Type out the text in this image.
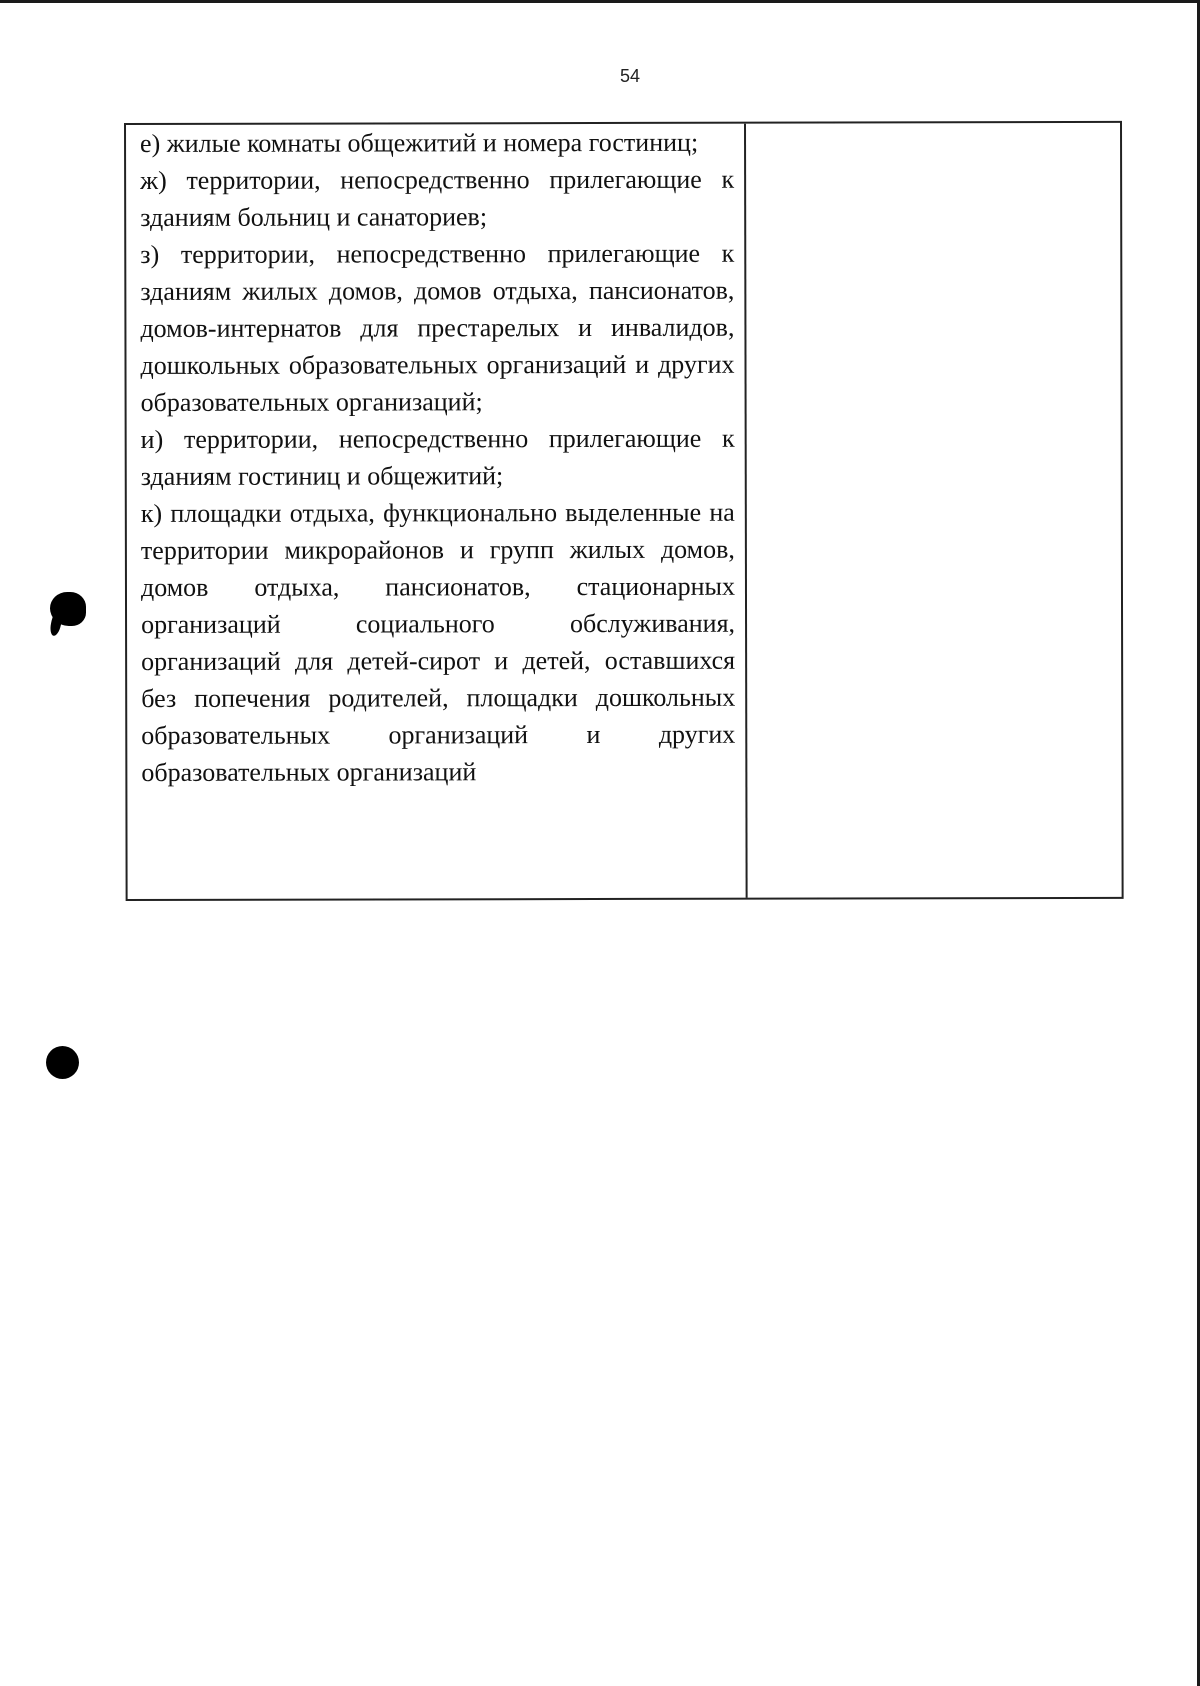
54

е) жилые комнаты общежитий и номера гостиниц;

ж) территории, непосредственно прилегающие к зданиям больниц и санаториев;

з) территории, непосредственно прилегающие к зданиям жилых домов, домов отдыха, пансионатов, домов-интернатов для престарелых и инвалидов, дошкольных образовательных организаций и других образовательных организаций;

и) территории, непосредственно прилегающие к зданиям гостиниц и общежитий;

к) площадки отдыха, функционально выделенные на территории микрорайонов и групп жилых домов, домов отдыха, пансионатов, стационарных организаций социального обслуживания, организаций для детей-сирот и детей, оставшихся без попечения родителей, площадки дошкольных образовательных организаций и других образовательных организаций
